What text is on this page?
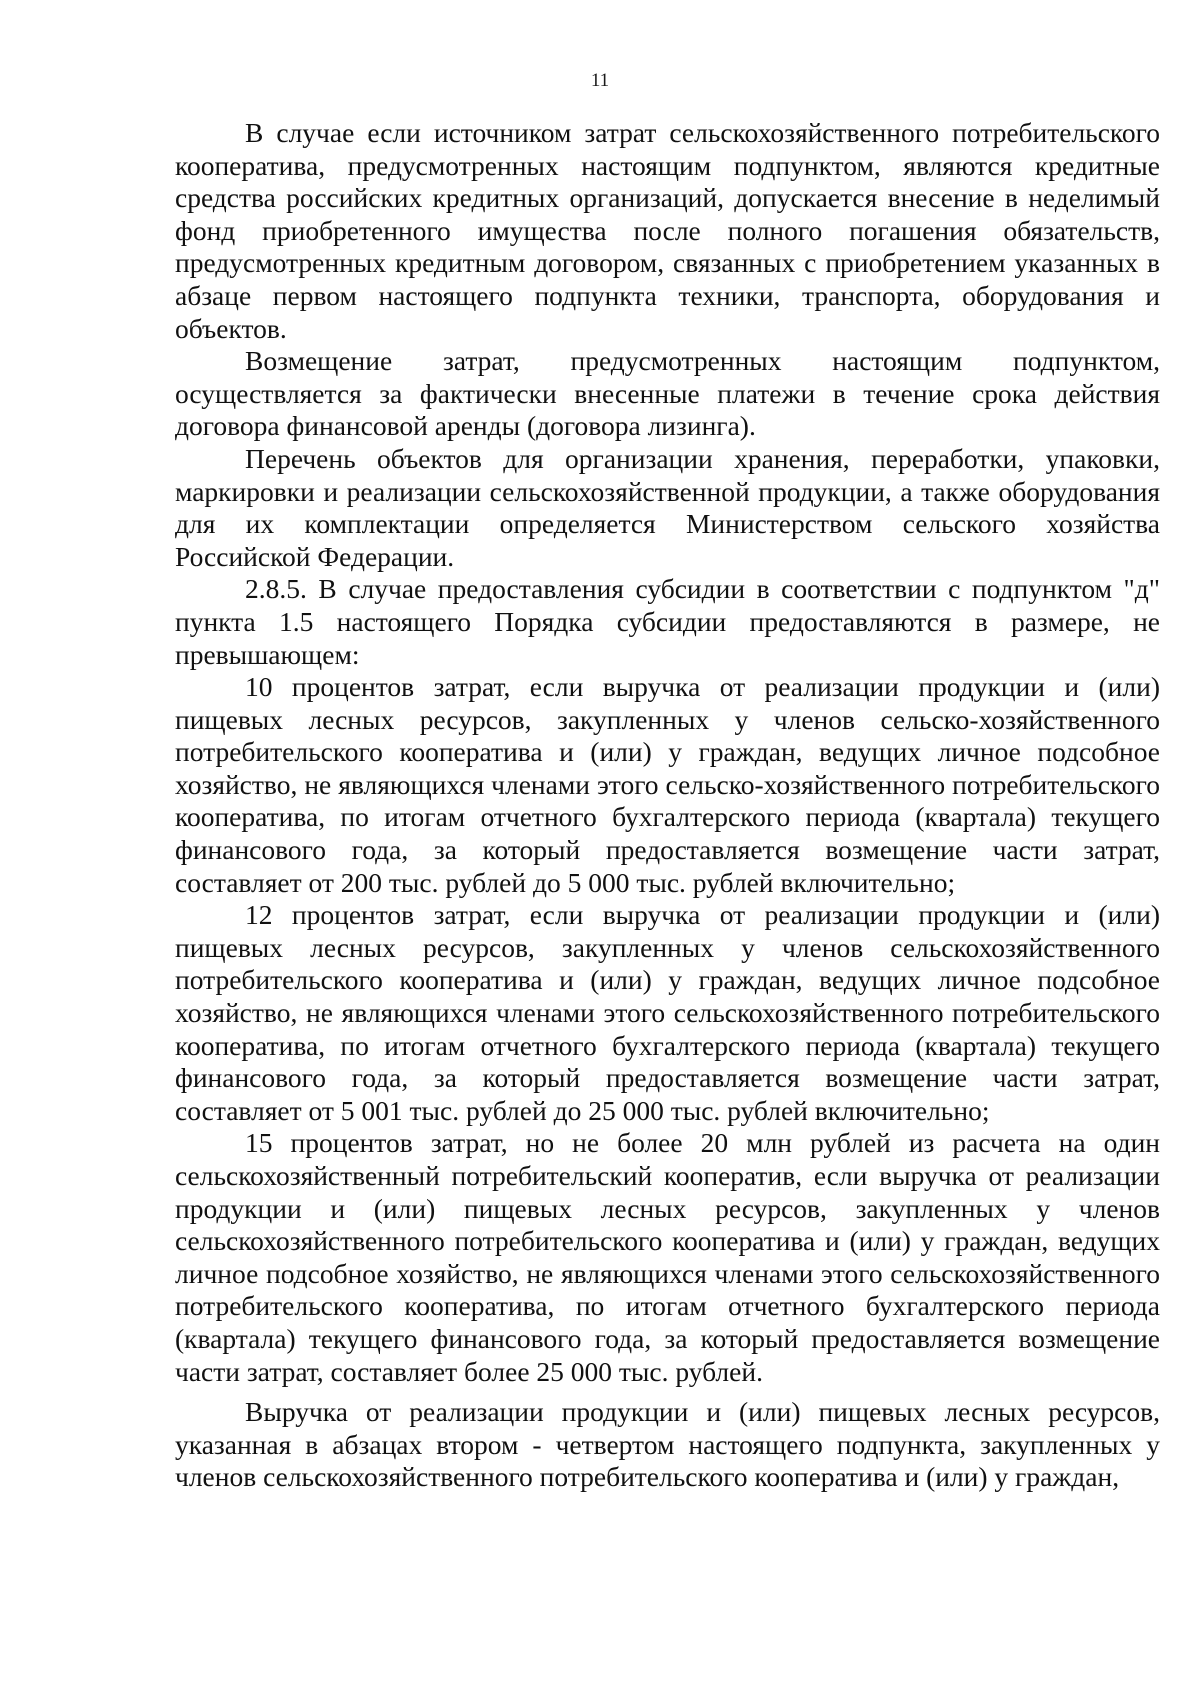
11

В случае если источником затрат сельскохозяйственного потребительского кооператива, предусмотренных настоящим подпунктом, являются кредитные средства российских кредитных организаций, допускается внесение в неделимый фонд приобретенного имущества после полного погашения обязательств, предусмотренных кредитным договором, связанных с приобретением указанных в абзаце первом настоящего подпункта техники, транспорта, оборудования и объектов.

Возмещение затрат, предусмотренных настоящим подпунктом, осуществляется за фактически внесенные платежи в течение срока действия договора финансовой аренды (договора лизинга).

Перечень объектов для организации хранения, переработки, упаковки, маркировки и реализации сельскохозяйственной продукции, а также оборудования для их комплектации определяется Министерством сельского хозяйства Российской Федерации.

2.8.5. В случае предоставления субсидии в соответствии с подпунктом "д" пункта 1.5 настоящего Порядка субсидии предоставляются в размере, не превышающем:

10 процентов затрат, если выручка от реализации продукции и (или) пищевых лесных ресурсов, закупленных у членов сельско-хозяйственного потребительского кооператива и (или) у граждан, ведущих личное подсобное хозяйство, не являющихся членами этого сельско-хозяйственного потребительского кооператива, по итогам отчетного бухгалтерского периода (квартала) текущего финансового года, за который предоставляется возмещение части затрат, составляет от 200 тыс. рублей до 5 000 тыс. рублей включительно;

12 процентов затрат, если выручка от реализации продукции и (или) пищевых лесных ресурсов, закупленных у членов сельскохозяйственного потребительского кооператива и (или) у граждан, ведущих личное подсобное хозяйство, не являющихся членами этого сельскохозяйственного потребительского кооператива, по итогам отчетного бухгалтерского периода (квартала) текущего финансового года, за который предоставляется возмещение части затрат, составляет от 5 001 тыс. рублей до 25 000 тыс. рублей включительно;

15 процентов затрат, но не более 20 млн рублей из расчета на один сельскохозяйственный потребительский кооператив, если выручка от реализации продукции и (или) пищевых лесных ресурсов, закупленных у членов сельскохозяйственного потребительского кооператива и (или) у граждан, ведущих личное подсобное хозяйство, не являющихся членами этого сельскохозяйственного потребительского кооператива, по итогам отчетного бухгалтерского периода (квартала) текущего финансового года, за который предоставляется возмещение части затрат, составляет более 25 000 тыс. рублей.

Выручка от реализации продукции и (или) пищевых лесных ресурсов, указанная в абзацах втором - четвертом настоящего подпункта, закупленных у членов сельскохозяйственного потребительского кооператива и (или) у граждан,
